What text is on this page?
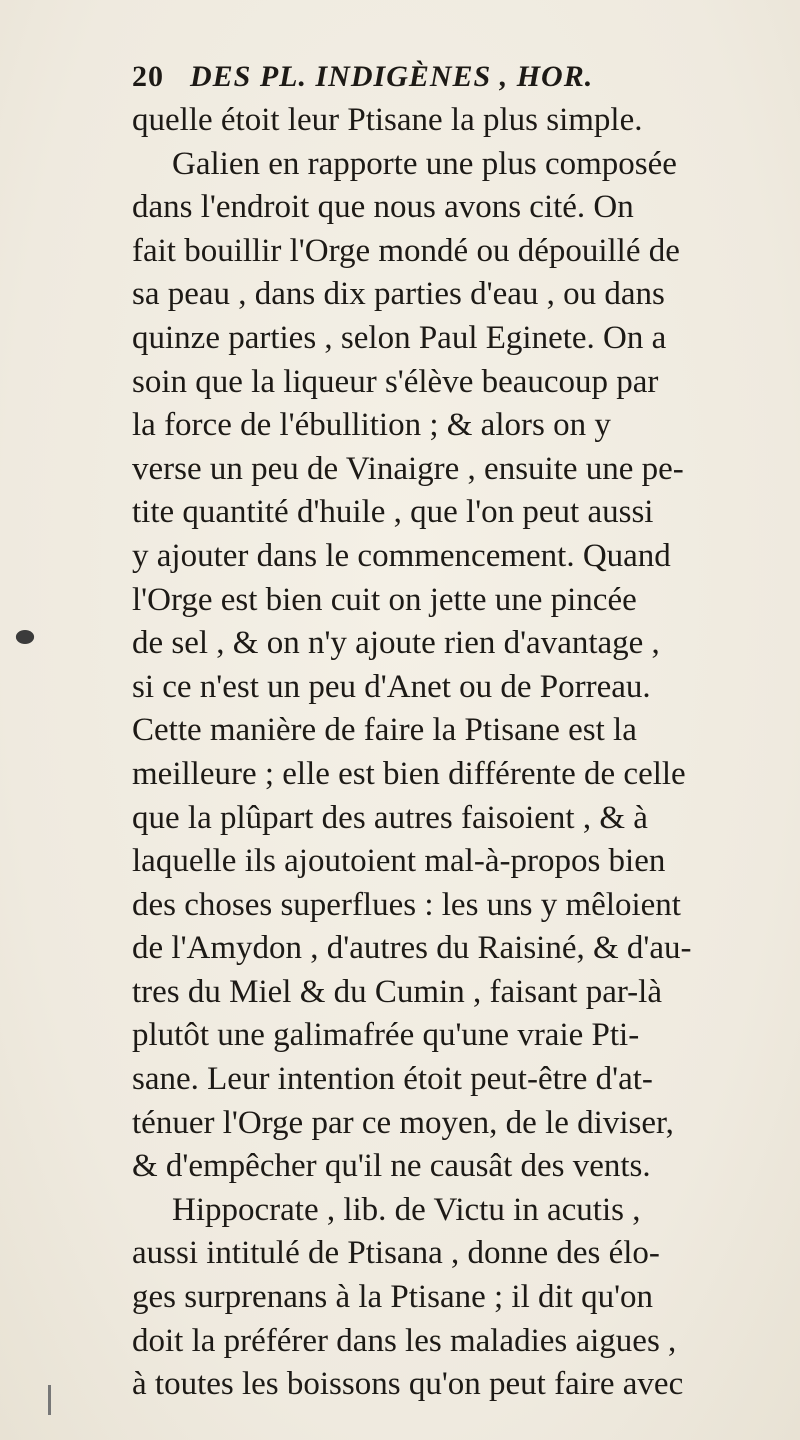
20 DES PL. INDIGÈNES , HOR.
quelle étoit leur Ptisane la plus simple.
Galien en rapporte une plus composée
dans l'endroit que nous avons cité. On
fait bouillir l'Orge mondé ou dépouillé de
sa peau , dans dix parties d'eau , ou dans
quinze parties , selon Paul Eginete. On a
soin que la liqueur s'élève beaucoup par
la force de l'ébullition ; & alors on y
verse un peu de Vinaigre , ensuite une pe-
tite quantité d'huile , que l'on peut aussi
y ajouter dans le commencement. Quand
l'Orge est bien cuit on jette une pincée
de sel , & on n'y ajoute rien d'avantage ,
si ce n'est un peu d'Anet ou de Porreau.
Cette manière de faire la Ptisane est la
meilleure ; elle est bien différente de celle
que la plûpart des autres faisoient , & à
laquelle ils ajoutoient mal-à-propos bien
des choses superflues : les uns y mêloient
de l'Amydon , d'autres du Raisiné, & d'au-
tres du Miel & du Cumin , faisant par-là
plutôt une galimafrée qu'une vraie Pti-
sane. Leur intention étoit peut-être d'at-
ténuer l'Orge par ce moyen, de le diviser,
& d'empêcher qu'il ne causât des vents.
Hippocrate , lib. de Victu in acutis ,
aussi intitulé de Ptisana , donne des élo-
ges surprenans à la Ptisane ; il dit qu'on
doit la préférer dans les maladies aigues ,
à toutes les boissons qu'on peut faire avec
